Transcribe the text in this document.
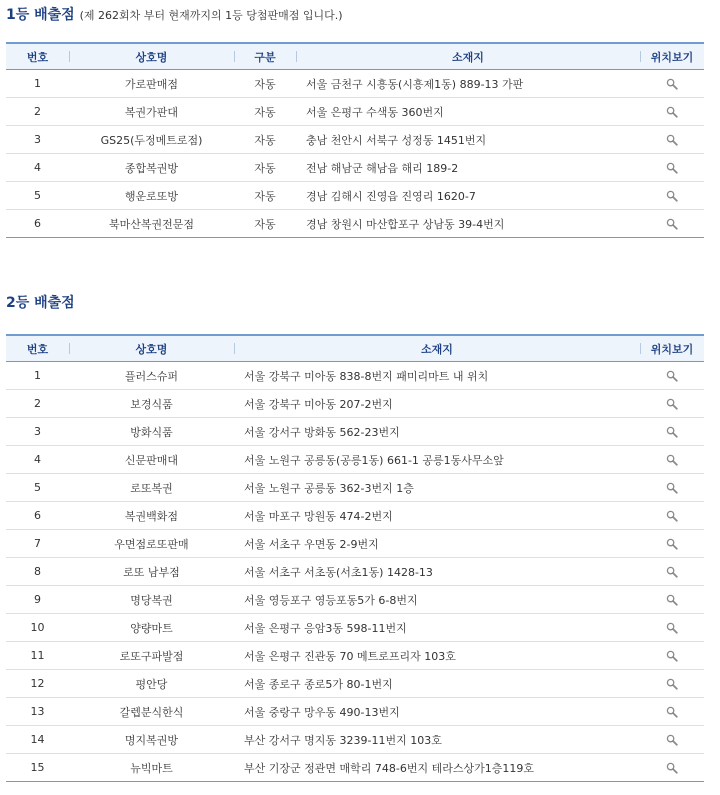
1등 배출점 (제 262회차 부터 현재까지의 1등 당첨판매점 입니다.)
번호	상호명	구분	소재지	위치보기
1	가로판매점	자동	서울 금천구 시흥동(시흥제1동) 889-13 가판	

2	복권가판대	자동	서울 은평구 수색동 360번지	

3	GS25(두정메트로점)	자동	충남 천안시 서북구 성정동 1451번지	

4	종합복권방	자동	전남 해남군 해남읍 해리 189-2	

5	행운로또방	자동	경남 김해시 진영읍 진영리 1620-7	

6	북마산복권전문점	자동	경남 창원시 마산합포구 상남동 39-4번지	
2등 배출점
번호	상호명	소재지	위치보기
1	플러스슈퍼	서울 강북구 미아동 838-8번지 패미리마트 내 위치	

2	보경식품	서울 강북구 미아동 207-2번지	

3	방화식품	서울 강서구 방화동 562-23번지	

4	신문판매대	서울 노원구 공릉동(공릉1동) 661-1 공릉1동사무소앞	

5	로또복권	서울 노원구 공릉동 362-3번지 1층	

6	복권백화점	서울 마포구 망원동 474-2번지	

7	우면점로또판매	서울 서초구 우면동 2-9번지	

8	로또 남부점	서울 서초구 서초동(서초1동) 1428-13	

9	명당복권	서울 영등포구 영등포동5가 6-8번지	

10	양량마트	서울 은평구 응암3동 598-11번지	

11	로또구파발점	서울 은평구 진관동 70 메트로프리자 103호	

12	평안당	서울 종로구 종로5가 80-1번지	

13	갈렙분식한식	서울 중랑구 망우동 490-13번지	

14	명지복권방	부산 강서구 명지동 3239-11번지 103호	

15	뉴빅마트	부산 기장군 정관면 매학리 748-6번지 테라스상가1층119호	
